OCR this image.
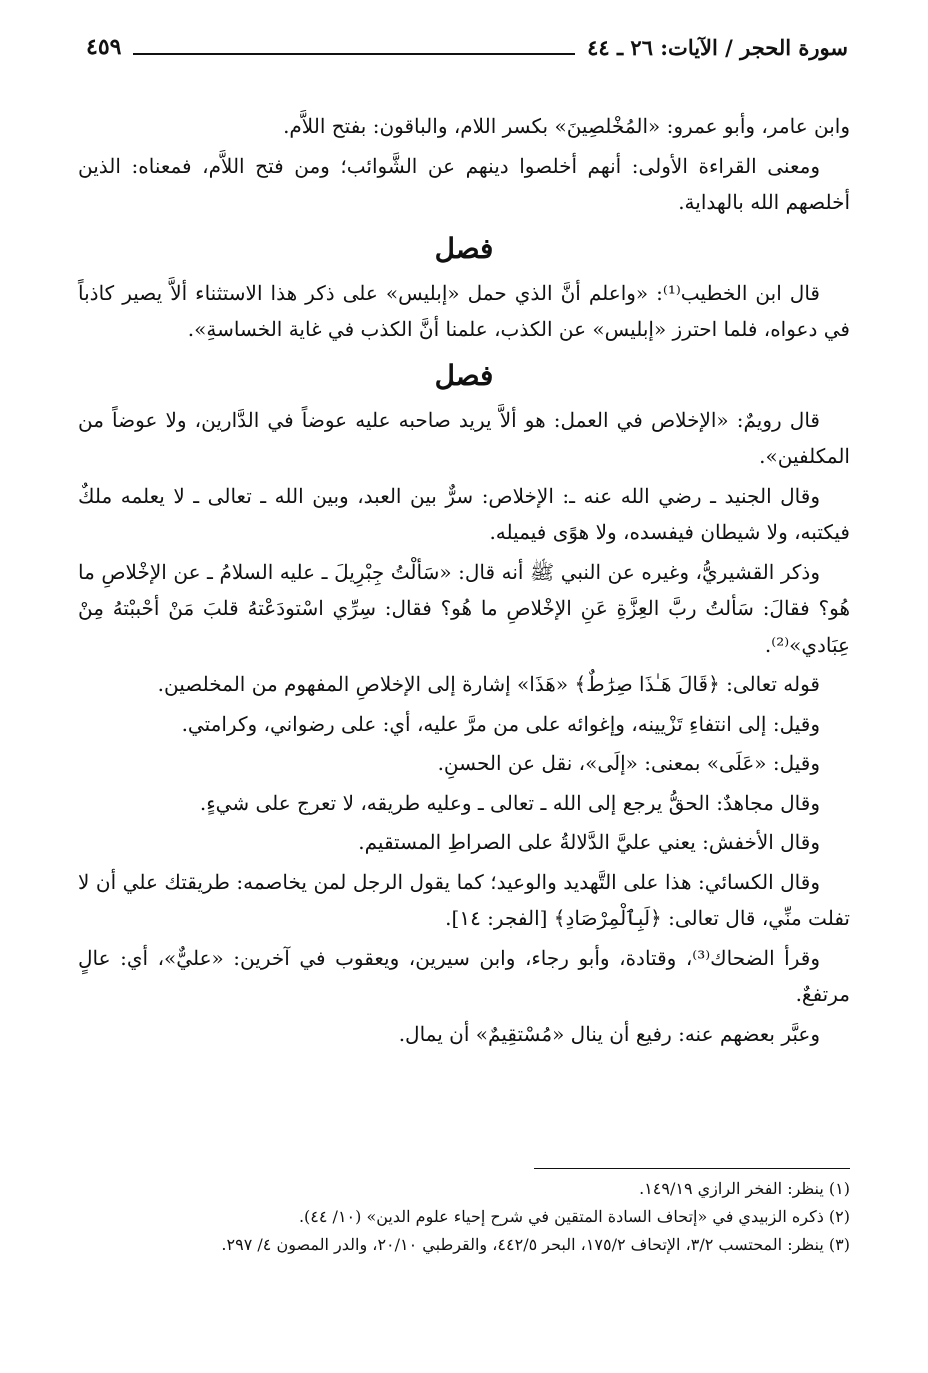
سورة الحجر / الآيات: ٢٦ ـ ٤٤
٤٥٩

وابن عامر، وأبو عمرو: «المُخْلصِينَ» بكسر اللام، والباقون: بفتح اللاَّم.

ومعنى القراءة الأولى: أنهم أخلصوا دينهم عن الشَّوائب؛ ومن فتح اللاَّم، فمعناه: الذين أخلصهم الله بالهداية.

فصل

قال ابن الخطيب⁽¹⁾: «واعلم أنَّ الذي حمل «إبليس» على ذكر هذا الاستثناء ألاَّ يصير كاذباً في دعواه، فلما احترز «إبليس» عن الكذب، علمنا أنَّ الكذب في غاية الخساسةِ».

فصل

قال رويمٌ: «الإخلاص في العمل: هو ألاَّ يريد صاحبه عليه عوضاً في الدَّارين، ولا عوضاً من المكلفين».

وقال الجنيد ـ رضي الله عنه ـ: الإخلاص: سرٌّ بين العبد، وبين الله ـ تعالى ـ لا يعلمه ملكٌ فيكتبه، ولا شيطان فيفسده، ولا هوًى فيميله.

وذكر القشيريُّ، وغيره عن النبي ﷺ أنه قال: «سَألْتُ جِبْرِيلَ ـ عليه السلامُ ـ عن الإخْلاصِ ما هُو؟ فقالَ: سَألتُ ربَّ العِزَّةِ عَنِ الإخْلاصِ ما هُو؟ فقال: سِرِّي اسْتودَعْتهُ قلبَ مَنْ أحْببْتهُ مِنْ عِبَادي»⁽²⁾.

قوله تعالى: ﴿قَالَ هَـٰذَا صِرَٰطٌ﴾ «هَذَا» إشارة إلى الإخلاصِ المفهوم من المخلصين.

وقيل: إلى انتفاءِ تَزْيينه، وإغوائه على من مرَّ عليه، أي: على رضواني، وكرامتي.

وقيل: «عَلَى» بمعنى: «إلَى»، نقل عن الحسنِ.

وقال مجاهدٌ: الحقُّ يرجع إلى الله ـ تعالى ـ وعليه طريقه، لا تعرج على شيءٍ.

وقال الأخفش: يعني عليَّ الدَّلالةُ على الصراطِ المستقيم.

وقال الكسائي: هذا على التَّهديد والوعيد؛ كما يقول الرجل لمن يخاصمه: طريقتك علي أن لا تفلت منِّي، قال تعالى: ﴿لَبِٱلْمِرْصَادِ﴾ [الفجر: ١٤].

وقرأ الضحاك⁽³⁾، وقتادة، وأبو رجاء، وابن سيرين، ويعقوب في آخرين: «عليٌّ»، أي: عالٍ مرتفعٌ.

وعبَّر بعضهم عنه: رفيع أن ينال «مُسْتقِيمٌ» أن يمال.

(١) ينظر: الفخر الرازي ١٤٩/١٩.

(٢) ذكره الزبيدي في «إتحاف السادة المتقين في شرح إحياء علوم الدين» (١٠/ ٤٤).

(٣) ينظر: المحتسب ٣/٢، الإتحاف ١٧٥/٢، البحر ٤٤٢/٥، والقرطبي ٢٠/١٠، والدر المصون ٤/ ٢٩٧.
